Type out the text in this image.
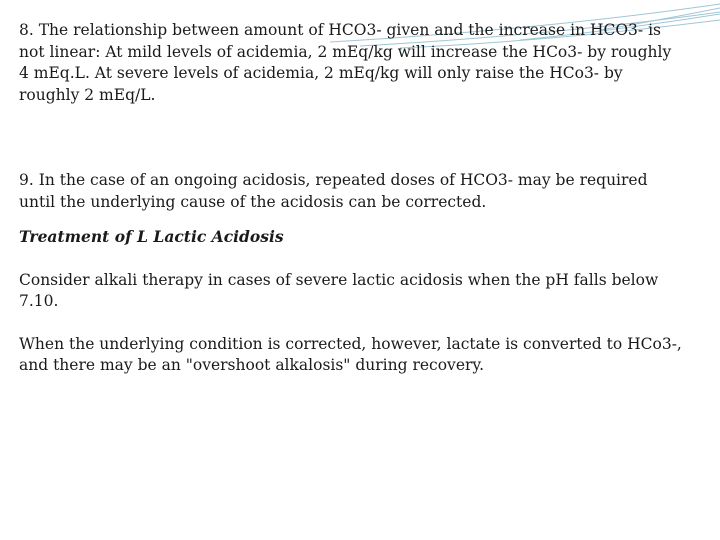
8. The relationship between amount of HCO3- given and the increase in HCO3- is not linear: At mild levels of acidemia, 2 mEq/kg will increase the HCo3- by roughly 4 mEq.L. At severe levels of acidemia, 2 mEq/kg will only raise the HCo3- by roughly 2 mEq/L.

9. In the case of an ongoing acidosis, repeated doses of HCO3- may be required until the underlying cause of the acidosis can be corrected.

Treatment of L Lactic Acidosis

Consider alkali therapy in cases of severe lactic acidosis when the pH falls below 7.10.

When the underlying condition is corrected, however, lactate is converted to HCo3-, and there may be an "overshoot alkalosis" during recovery.
